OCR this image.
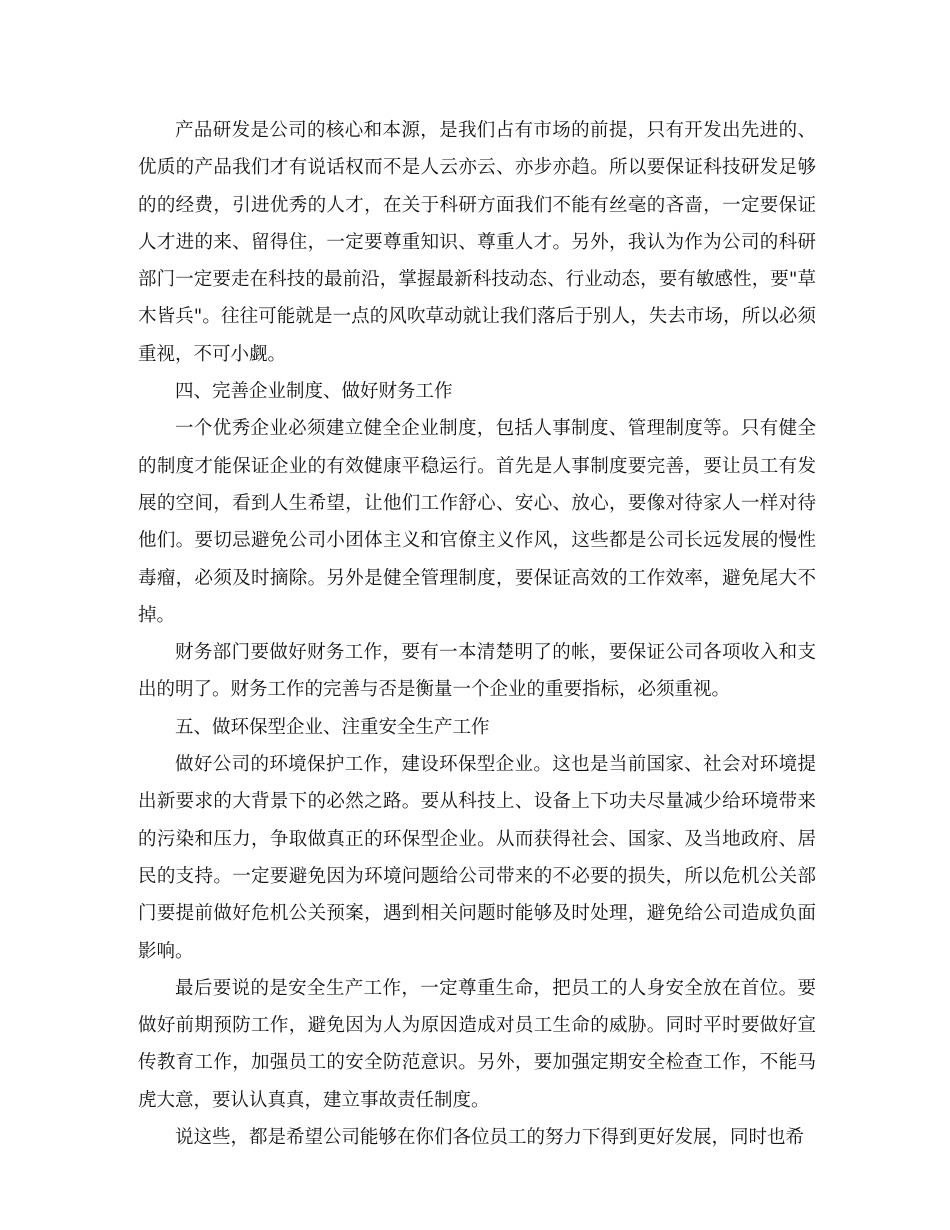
产品研发是公司的核心和本源，是我们占有市场的前提，只有开发出先进的、优质的产品我们才有说话权而不是人云亦云、亦步亦趋。所以要保证科技研发足够的的经费，引进优秀的人才，在关于科研方面我们不能有丝毫的吝啬，一定要保证人才进的来、留得住，一定要尊重知识、尊重人才。另外，我认为作为公司的科研部门一定要走在科技的最前沿，掌握最新科技动态、行业动态，要有敏感性，要"草木皆兵"。往往可能就是一点的风吹草动就让我们落后于别人，失去市场，所以必须重视，不可小觑。

四、完善企业制度、做好财务工作

一个优秀企业必须建立健全企业制度，包括人事制度、管理制度等。只有健全的制度才能保证企业的有效健康平稳运行。首先是人事制度要完善，要让员工有发展的空间，看到人生希望，让他们工作舒心、安心、放心，要像对待家人一样对待他们。要切忌避免公司小团体主义和官僚主义作风，这些都是公司长远发展的慢性毒瘤，必须及时摘除。另外是健全管理制度，要保证高效的工作效率，避免尾大不掉。

财务部门要做好财务工作，要有一本清楚明了的帐，要保证公司各项收入和支出的明了。财务工作的完善与否是衡量一个企业的重要指标，必须重视。

五、做环保型企业、注重安全生产工作

做好公司的环境保护工作，建设环保型企业。这也是当前国家、社会对环境提出新要求的大背景下的必然之路。要从科技上、设备上下功夫尽量减少给环境带来的污染和压力，争取做真正的环保型企业。从而获得社会、国家、及当地政府、居民的支持。一定要避免因为环境问题给公司带来的不必要的损失，所以危机公关部门要提前做好危机公关预案，遇到相关问题时能够及时处理，避免给公司造成负面影响。

最后要说的是安全生产工作，一定尊重生命，把员工的人身安全放在首位。要做好前期预防工作，避免因为人为原因造成对员工生命的威胁。同时平时要做好宣传教育工作，加强员工的安全防范意识。另外，要加强定期安全检查工作，不能马虎大意，要认认真真，建立事故责任制度。

说这些，都是希望公司能够在你们各位员工的努力下得到更好发展，同时也希
